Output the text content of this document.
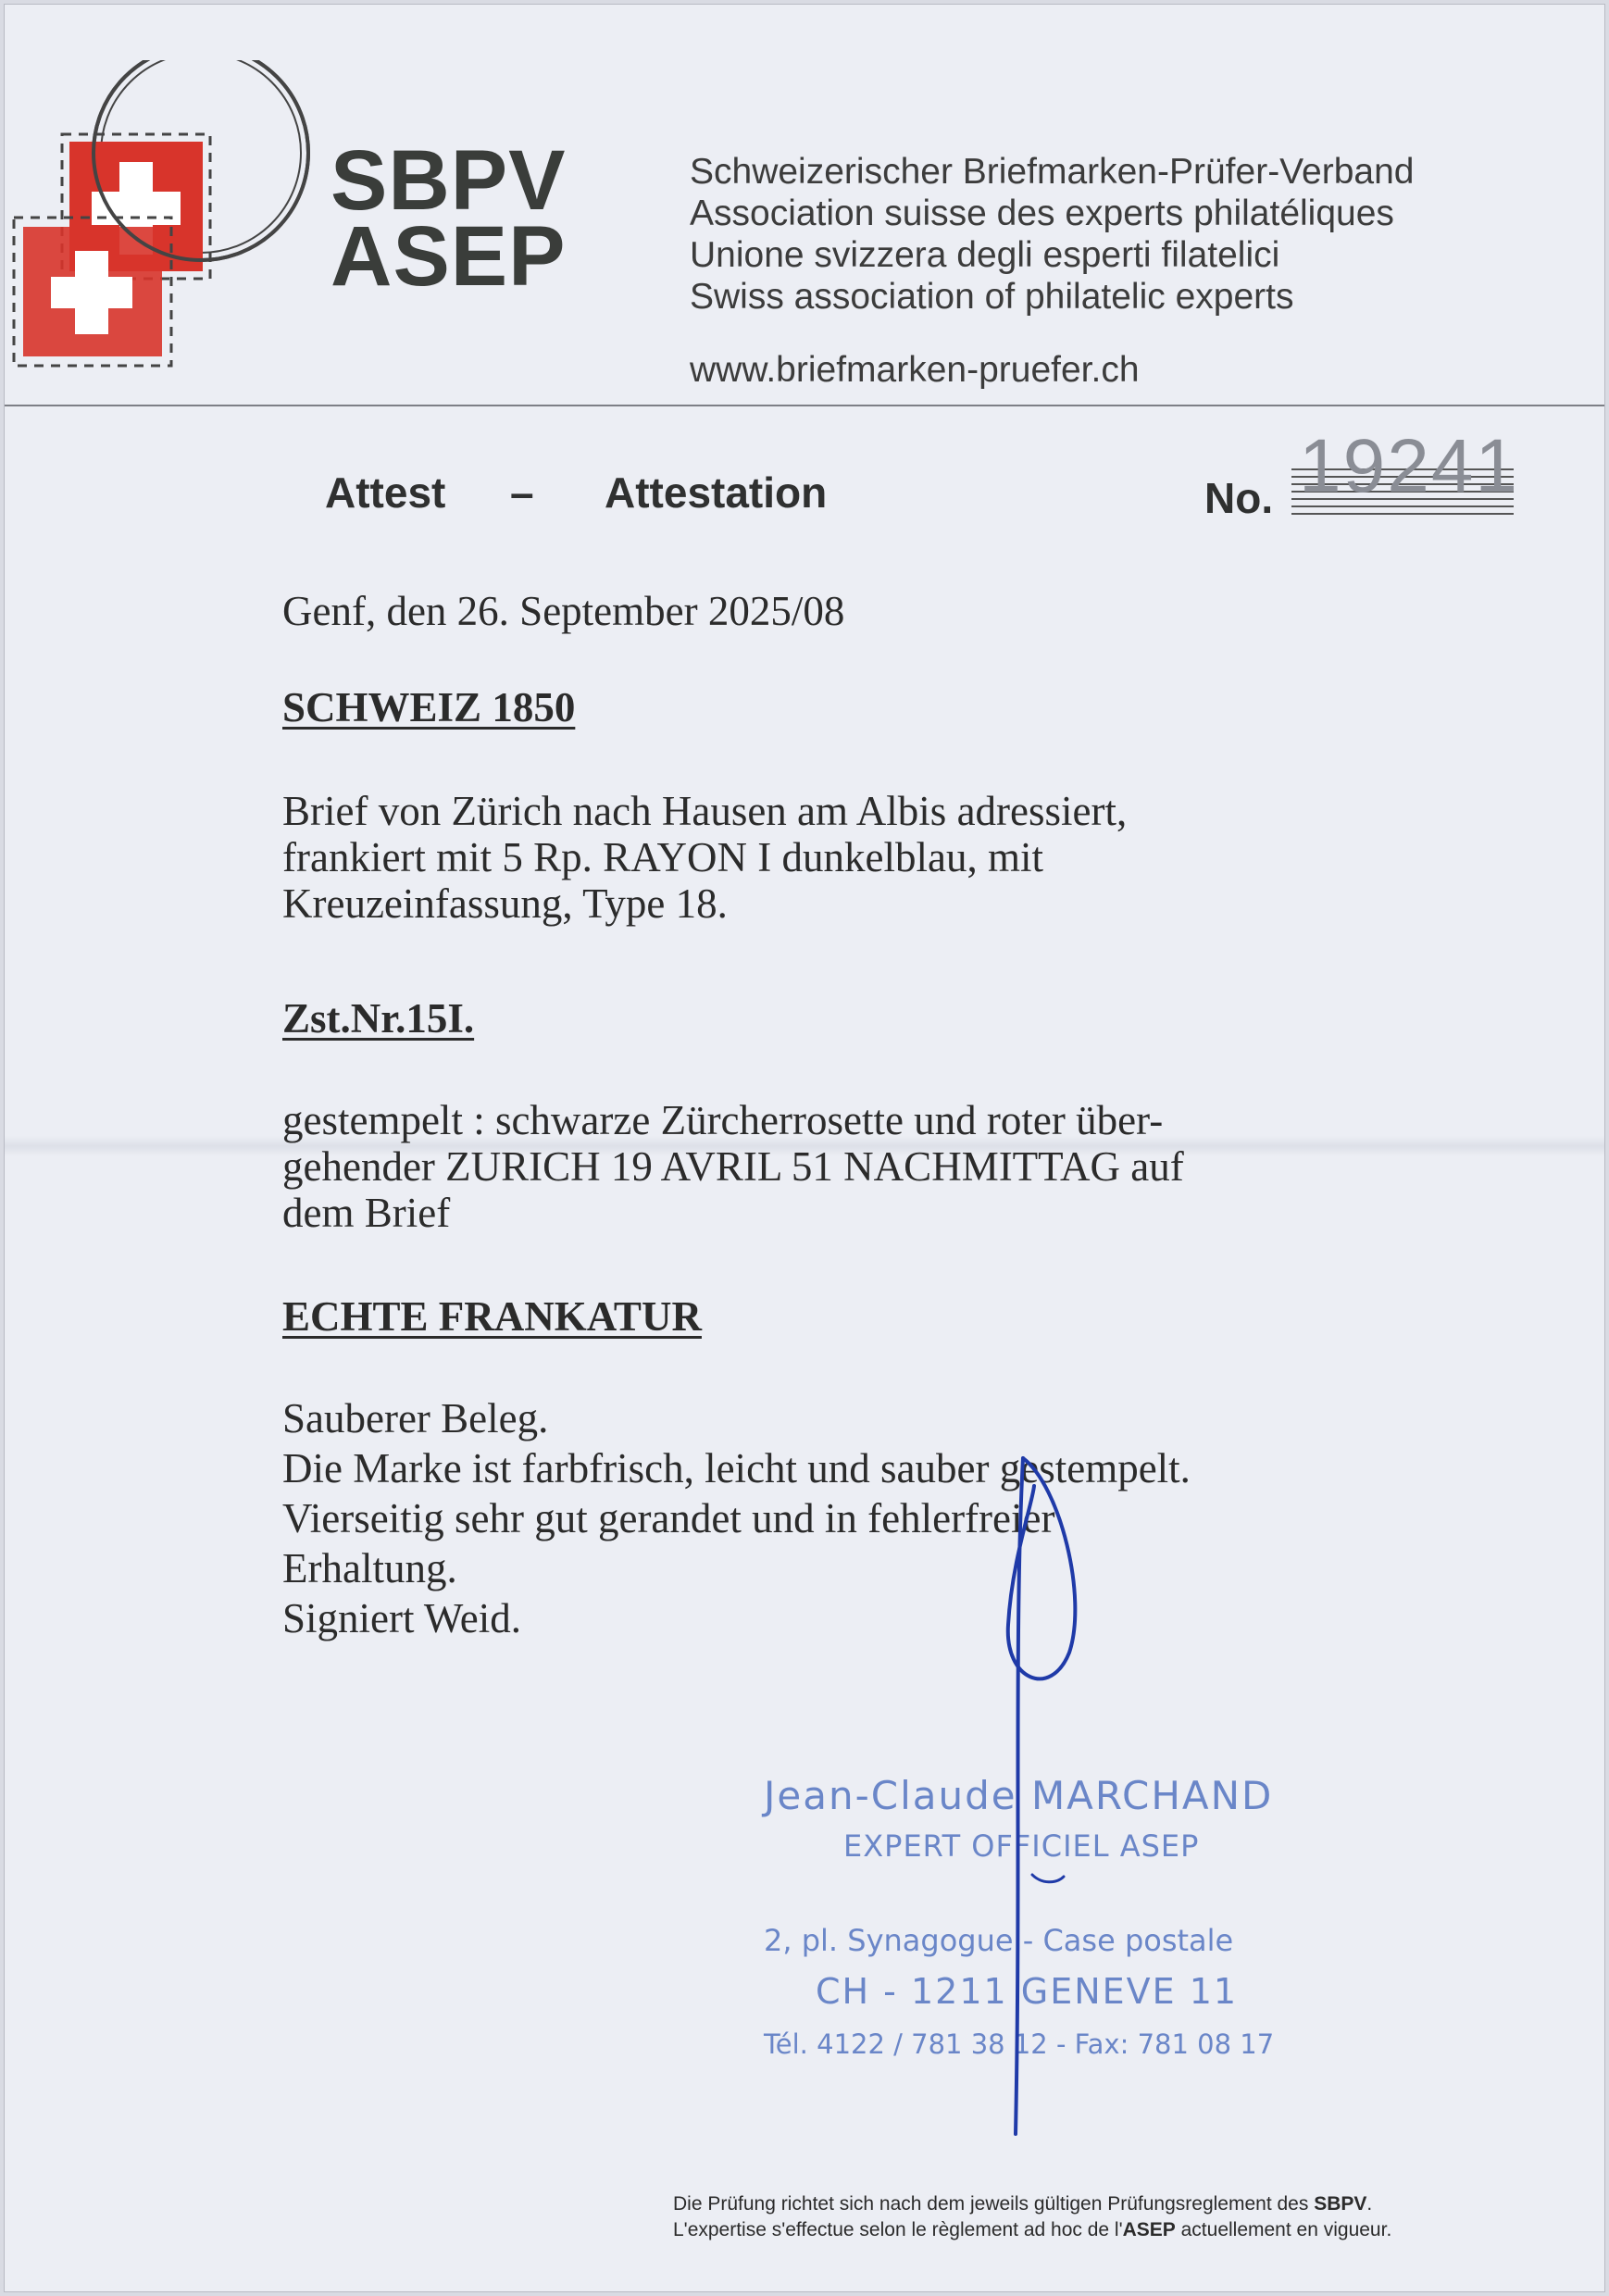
SBPV
ASEP
Schweizerischer Briefmarken-Prüfer-Verband
Association suisse des experts philatéliques
Unione svizzera degli esperti filatelici
Swiss association of philatelic experts
www.briefmarken-pruefer.ch
Attest – Attestation	No. 19241
Genf, den 26. September 2025/08
SCHWEIZ 1850
Brief von Zürich nach Hausen am Albis adressiert,
frankiert mit 5 Rp. RAYON I dunkelblau, mit
Kreuzeinfassung, Type 18.
Zst.Nr.15I.
gestempelt : schwarze Zürcherrosette und roter über-
gehender ZURICH 19 AVRIL 51 NACHMITTAG auf
dem Brief
ECHTE FRANKATUR
Sauberer Beleg.
Die Marke ist farbfrisch, leicht und sauber gestempelt.
Vierseitig sehr gut gerandet und in fehlerfreier
Erhaltung.
Signiert Weid.
Jean-Claude MARCHAND
EXPERT OFFICIEL ASEP
2, pl. Synagogue - Case postale
CH - 1211 GENEVE 11
Tél. 4122 / 781 38 12 - Fax: 781 08 17
Die Prüfung richtet sich nach dem jeweils gültigen Prüfungsreglement des SBPV.
L'expertise s'effectue selon le règlement ad hoc de l'ASEP actuellement en vigueur.
